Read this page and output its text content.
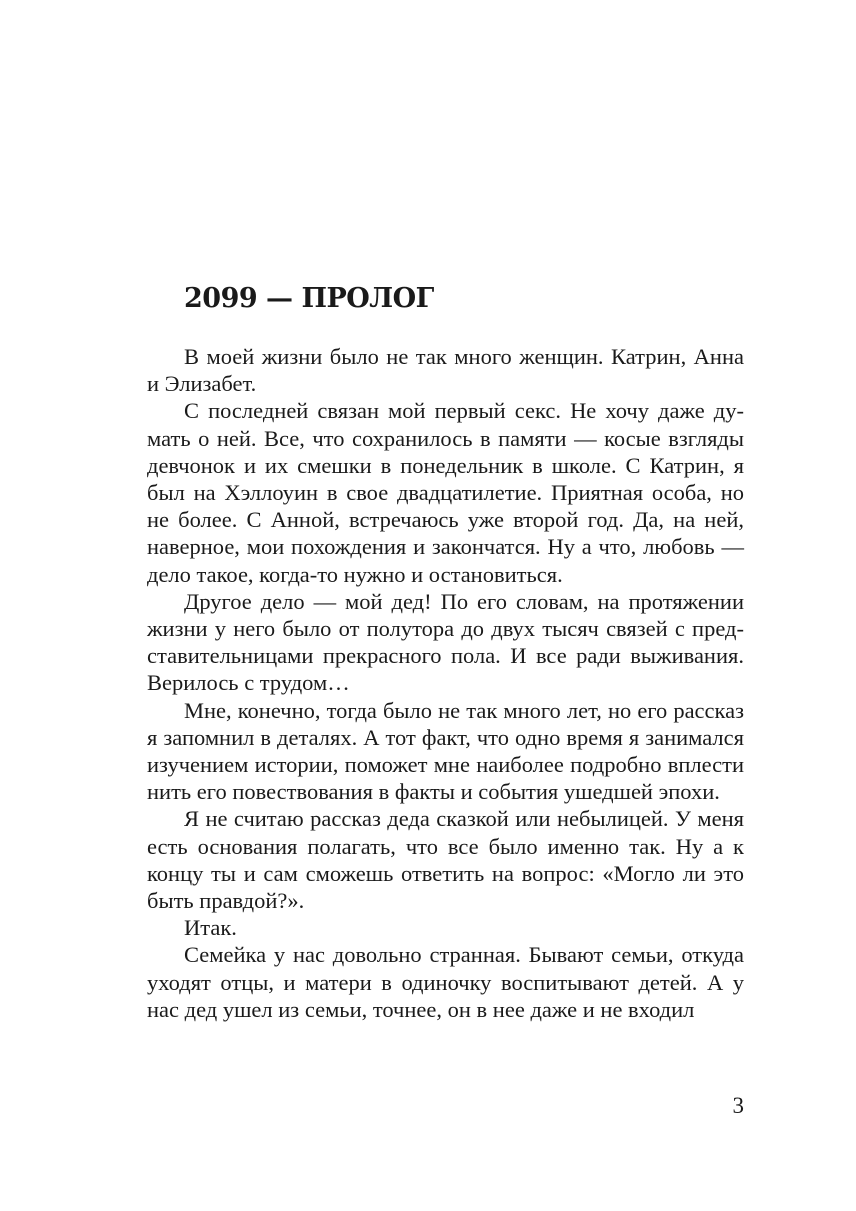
2099 — ПРОЛОГ

В моей жизни было не так много женщин. Катрин, Анна и Элизабет.

С последней связан мой первый секс. Не хочу даже думать о ней. Все, что сохранилось в памяти — косые взгляды девчонок и их смешки в понедельник в школе. С Катрин, я был на Хэллоуин в свое двадцатилетие. Приятная особа, но не более. С Анной, встречаюсь уже второй год. Да, на ней, наверное, мои похождения и закончатся. Ну а что, любовь — дело такое, когда-то нужно и остановиться.

Другое дело — мой дед! По его словам, на протяжении жизни у него было от полутора до двух тысяч связей с представительницами прекрасного пола. И все ради выживания. Верилось с трудом…

Мне, конечно, тогда было не так много лет, но его рассказ я запомнил в деталях. А тот факт, что одно время я занимался изучением истории, поможет мне наиболее подробно вплести нить его повествования в факты и события ушедшей эпохи.

Я не считаю рассказ деда сказкой или небылицей. У меня есть основания полагать, что все было именно так. Ну а к концу ты и сам сможешь ответить на вопрос: «Могло ли это быть правдой?».

Итак.

Семейка у нас довольно странная. Бывают семьи, откуда уходят отцы, и матери в одиночку воспитывают детей. А у нас дед ушел из семьи, точнее, он в нее даже и не входил

3
